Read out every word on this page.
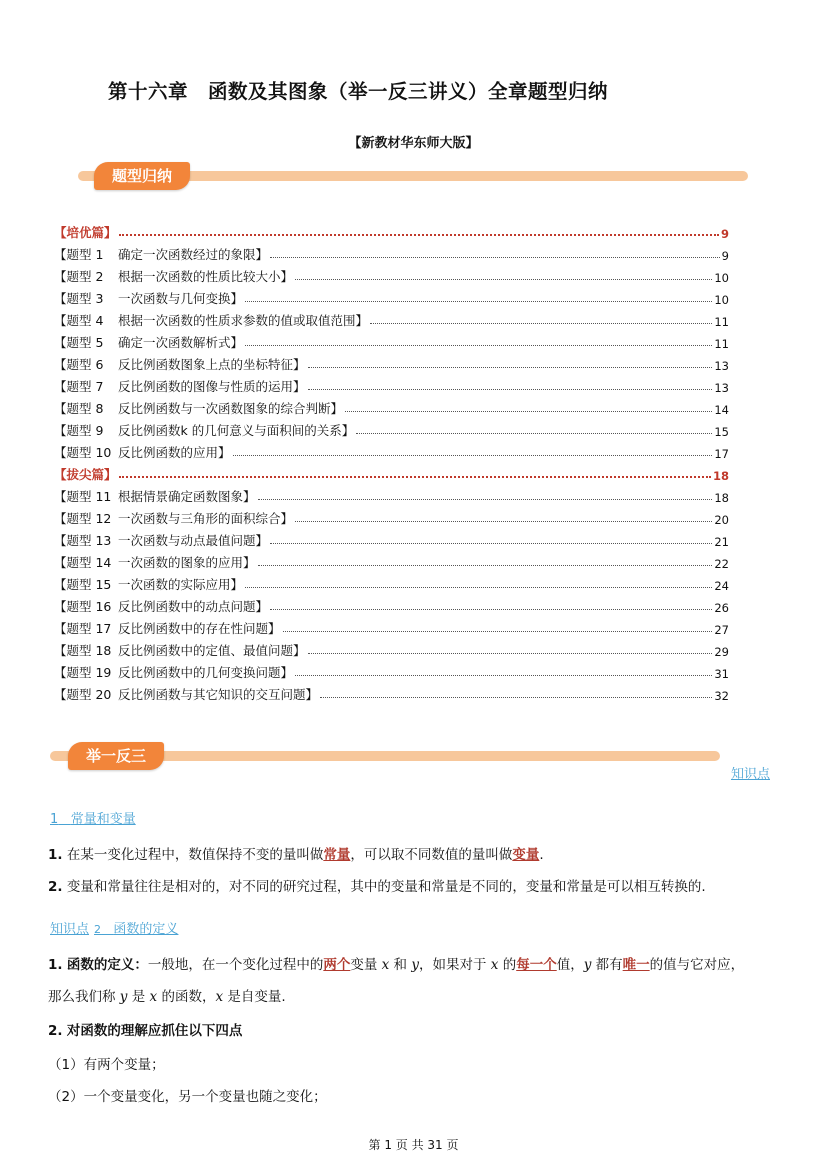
第十六章　函数及其图象（举一反三讲义）全章题型归纳
【新教材华东师大版】
题型归纳
【培优篇】	9
【题型 1 确定一次函数经过的象限】	9
【题型 2 根据一次函数的性质比较大小】	10
【题型 3 一次函数与几何变换】	10
【题型 4 根据一次函数的性质求参数的值或取值范围】	11
【题型 5 确定一次函数解析式】	11
【题型 6 反比例函数图象上点的坐标特征】	13
【题型 7 反比例函数的图像与性质的运用】	13
【题型 8 反比例函数与一次函数图象的综合判断】	14
【题型 9 反比例函数k 的几何意义与面积间的关系】	15
【题型 10 反比例函数的应用】	17
【拔尖篇】	18
【题型 11 根据情景确定函数图象】	18
【题型 12 一次函数与三角形的面积综合】	20
【题型 13 一次函数与动点最值问题】	21
【题型 14 一次函数的图象的应用】	22
【题型 15 一次函数的实际应用】	24
【题型 16 反比例函数中的动点问题】	26
【题型 17 反比例函数中的存在性问题】	27
【题型 18 反比例函数中的定值、最值问题】	29
【题型 19 反比例函数中的几何变换问题】	31
【题型 20 反比例函数与其它知识的交互问题】	32
举一反三
知识点
1 常量和变量
1. 在某一变化过程中，数值保持不变的量叫做常量，可以取不同数值的量叫做变量.
2. 变量和常量往往是相对的，对不同的研究过程，其中的变量和常量是不同的，变量和常量是可以相互转换的.
知识点 2 函数的定义
1. 函数的定义：一般地，在一个变化过程中的两个变量 x 和 y，如果对于 x 的每一个值，y 都有唯一的值与它对应，
那么我们称 y 是 x 的函数，x 是自变量.
2. 对函数的理解应抓住以下四点
（1）有两个变量；
（2）一个变量变化，另一个变量也随之变化；
第 1 页 共 31 页
